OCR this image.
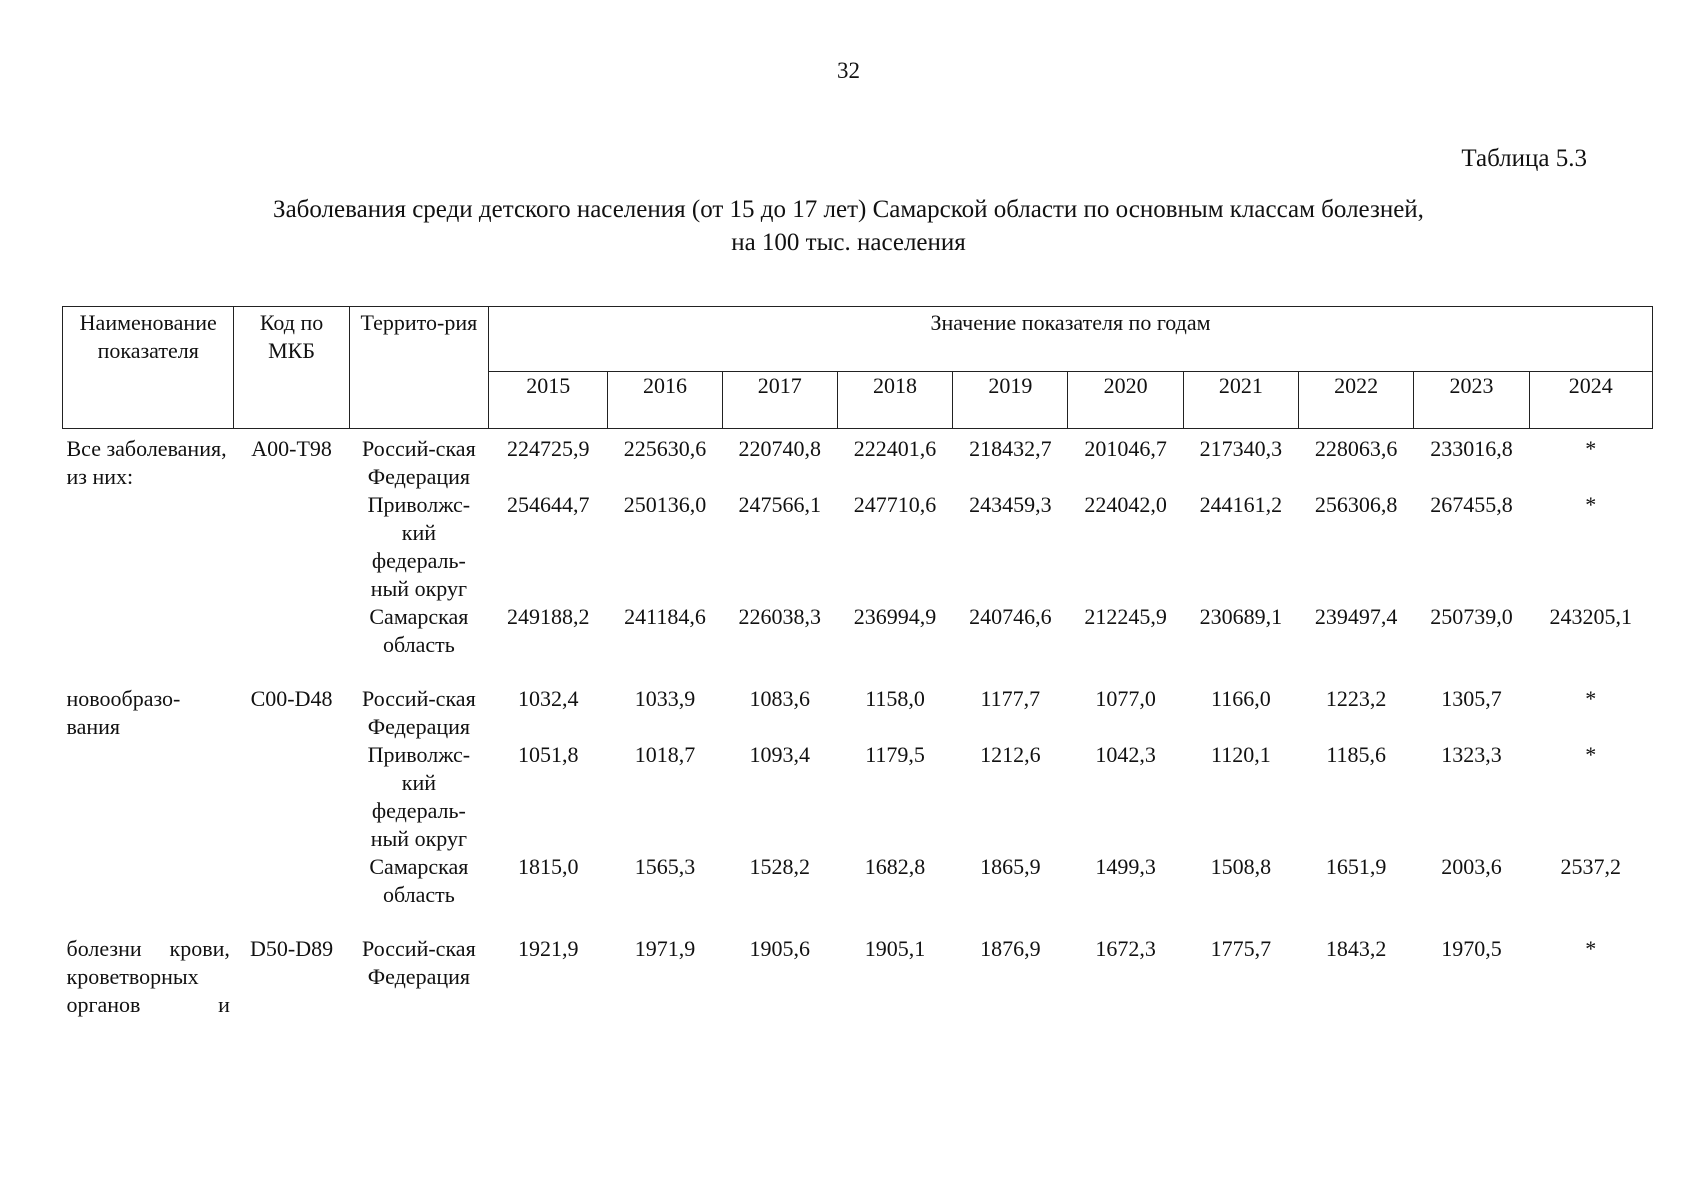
32
Таблица 5.3
Заболевания среди детского населения (от 15 до 17 лет) Самарской области по основным классам болезней,
на 100 тыс. населения
Наименование показателя	Код по МКБ	Террито-рия	Значение показателя по годам									
			2015	2016	2017	2018	2019	2020	2021	2022	2023	2024
Все заболевания, из них:	A00-T98	Россий-ская Федерация	224725,9	225630,6	220740,8	222401,6	218432,7	201046,7	217340,3	228063,6	233016,8	*
		Приволжс-кий федераль-ный округ	254644,7	250136,0	247566,1	247710,6	243459,3	224042,0	244161,2	256306,8	267455,8	*
		Самарская область	249188,2	241184,6	226038,3	236994,9	240746,6	212245,9	230689,1	239497,4	250739,0	243205,1

новообразо-вания	C00-D48	Россий-ская Федерация	1032,4	1033,9	1083,6	1158,0	1177,7	1077,0	1166,0	1223,2	1305,7	*
		Приволжс-кий федераль-ный округ	1051,8	1018,7	1093,4	1179,5	1212,6	1042,3	1120,1	1185,6	1323,3	*
		Самарская область	1815,0	1565,3	1528,2	1682,8	1865,9	1499,3	1508,8	1651,9	2003,6	2537,2

болезни крови, кроветворных органов и	D50-D89	Россий-ская Федерация	1921,9	1971,9	1905,6	1905,1	1876,9	1672,3	1775,7	1843,2	1970,5	*
